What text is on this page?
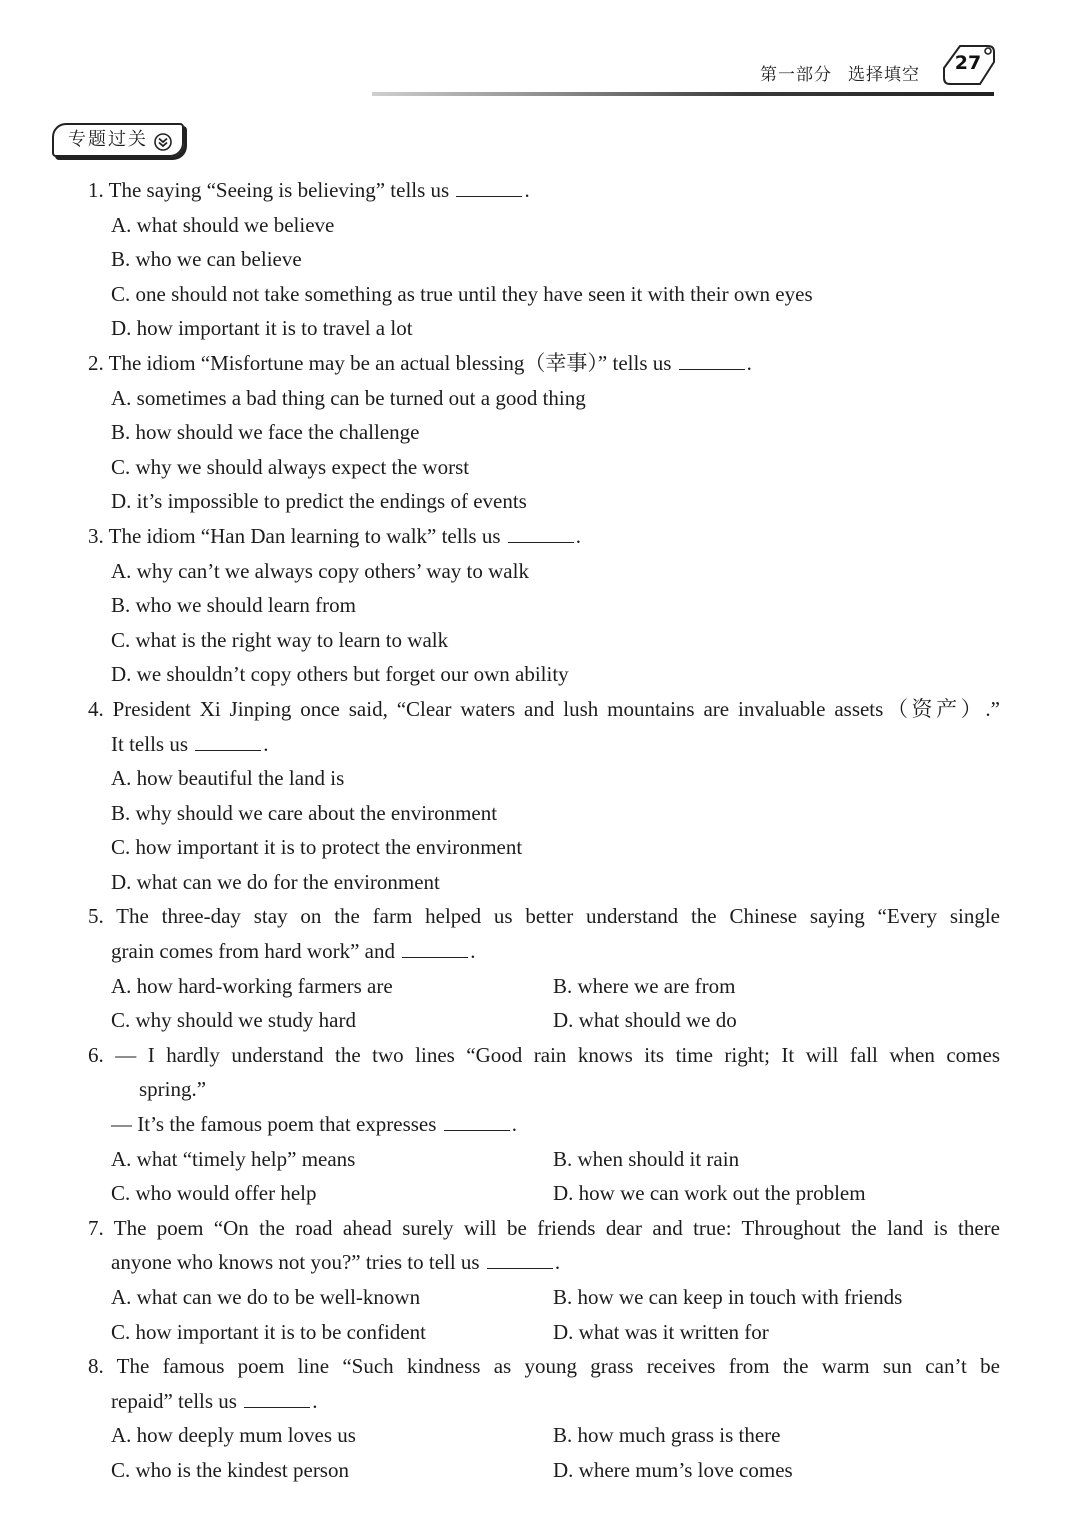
第一部分 选择填空
27
专题过关
1. The saying “Seeing is believing” tells us	.
A. what should we believe
B. who we can believe
C. one should not take something as true until they have seen it with their own eyes
D. how important it is to travel a lot
2. The idiom “Misfortune may be an actual blessing（幸事）” tells us	.
A. sometimes a bad thing can be turned out a good thing
B. how should we face the challenge
C. why we should always expect the worst
D. it’s impossible to predict the endings of events
3. The idiom “Han Dan learning to walk” tells us	.
A. why can’t we always copy others’ way to walk
B. who we should learn from
C. what is the right way to learn to walk
D. we shouldn’t copy others but forget our own ability
4. President Xi Jinping once said, “Clear waters and lush mountains are invaluable assets（资产）.”
It tells us	.
A. how beautiful the land is
B. why should we care about the environment
C. how important it is to protect the environment
D. what can we do for the environment
5. The three-day stay on the farm helped us better understand the Chinese saying “Every single
grain comes from hard work” and	.
A. how hard-working farmers are	B. where we are from
C. why should we study hard	D. what should we do
6. — I hardly understand the two lines “Good rain knows its time right; It will fall when comes
spring.”
— It’s the famous poem that expresses	.
A. what “timely help” means	B. when should it rain
C. who would offer help	D. how we can work out the problem
7. The poem “On the road ahead surely will be friends dear and true: Throughout the land is there
anyone who knows not you?” tries to tell us	.
A. what can we do to be well-known	B. how we can keep in touch with friends
C. how important it is to be confident	D. what was it written for
8. The famous poem line “Such kindness as young grass receives from the warm sun can’t be
repaid” tells us	.
A. how deeply mum loves us	B. how much grass is there
C. who is the kindest person	D. where mum’s love comes
